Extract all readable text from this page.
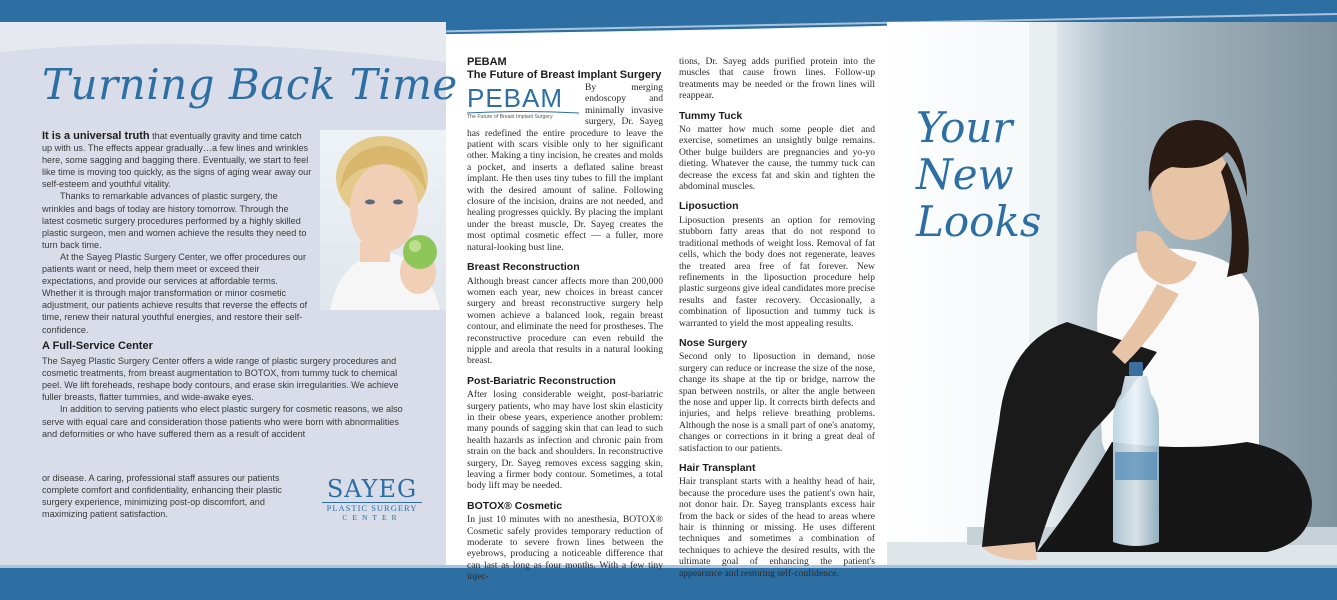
Turning Back Time

It is a universal truth that eventually gravity and time catch up with us. The effects appear gradually…a few lines and wrinkles here, some sagging and bagging there. Eventually, we start to feel like time is moving too quickly, as the signs of aging wear away our self-esteem and youthful vitality.

Thanks to remarkable advances of plastic surgery, the wrinkles and bags of today are history tomorrow. Through the latest cosmetic surgery procedures performed by a highly skilled plastic surgeon, men and women achieve the results they need to turn back time.

At the Sayeg Plastic Surgery Center, we offer procedures our patients want or need, help them meet or exceed their expectations, and provide our services at affordable terms. Whether it is through major transformation or minor cosmetic adjustment, our patients achieve results that reverse the effects of time, renew their natural youthful energies, and restore their self-confidence.

A Full-Service Center

The Sayeg Plastic Surgery Center offers a wide range of plastic surgery procedures and cosmetic treatments, from breast augmentation to BOTOX, from tummy tuck to chemical peel. We lift foreheads, reshape body contours, and erase skin irregularities. We achieve fuller breasts, flatter tummies, and wide-awake eyes.

In addition to serving patients who elect plastic surgery for cosmetic reasons, we also serve with equal care and consideration those patients who were born with abnormalities and deformities or who have suffered them as a result of accident

or disease. A caring, professional staff assures our patients complete comfort and confidentiality, enhancing their plastic surgery experience, minimizing post-op discomfort, and maximizing patient satisfaction.
SAYEG
PLASTIC SURGERY
CENTER
PEBAM
The Future of Breast Implant Surgery
PEBAM
The Future of Breast Implant Surgery
By merging endoscopy and minimally invasive surgery, Dr. Sayeg has redefined the entire procedure to leave the patient with scars visible only to her significant other. Making a tiny incision, he creates and molds a pocket, and inserts a deflated saline breast implant. He then uses tiny tubes to fill the implant with the desired amount of saline. Following closure of the incision, drains are not needed, and healing progresses quickly. By placing the implant under the breast muscle, Dr. Sayeg creates the most optimal cosmetic effect — a fuller, more natural-looking bust line.
Breast Reconstruction

Although breast cancer affects more than 200,000 women each year, new choices in breast cancer surgery and breast reconstructive surgery help women achieve a balanced look, regain breast contour, and eliminate the need for prostheses. The reconstructive procedure can even rebuild the nipple and areola that results in a natural looking breast.

Post-Bariatric Reconstruction

After losing considerable weight, post-bariatric surgery patients, who may have lost skin elasticity in their obese years, experience another problem: many pounds of sagging skin that can lead to such health hazards as infection and chronic pain from strain on the back and shoulders. In reconstructive surgery, Dr. Sayeg removes excess sagging skin, leaving a firmer body contour. Sometimes, a total body lift may be needed.

BOTOX® Cosmetic

In just 10 minutes with no anesthesia, BOTOX® Cosmetic safely provides temporary reduction of moderate to severe frown lines between the eyebrows, producing a noticeable difference that can last as long as four months. With a few tiny injec-

tions, Dr. Sayeg adds purified protein into the muscles that cause frown lines. Follow-up treatments may be needed or the frown lines will reappear.

Tummy Tuck

No matter how much some people diet and exercise, sometimes an unsightly bulge remains. Other bulge builders are pregnancies and yo-yo dieting. Whatever the cause, the tummy tuck can decrease the excess fat and skin and tighten the abdominal muscles.

Liposuction

Liposuction presents an option for removing stubborn fatty areas that do not respond to traditional methods of weight loss. Removal of fat cells, which the body does not regenerate, leaves the treated area free of fat forever. New refinements in the liposuction procedure help plastic surgeons give ideal candidates more precise results and faster recovery. Occasionally, a combination of liposuction and tummy tuck is warranted to yield the most appealing results.

Nose Surgery

Second only to liposuction in demand, nose surgery can reduce or increase the size of the nose, change its shape at the tip or bridge, narrow the span between nostrils, or alter the angle between the nose and upper lip. It corrects birth defects and injuries, and helps relieve breathing problems. Although the nose is a small part of one's anatomy, changes or corrections in it bring a great deal of satisfaction to our patients.

Hair Transplant

Hair transplant starts with a healthy head of hair, because the procedure uses the patient's own hair, not donor hair. Dr. Sayeg transplants excess hair from the back or sides of the head to areas where hair is thinning or missing. He uses different techniques and sometimes a combination of techniques to achieve the desired results, with the ultimate goal of enhancing the patient's appearance and restoring self-confidence.

Your
New
Looks
